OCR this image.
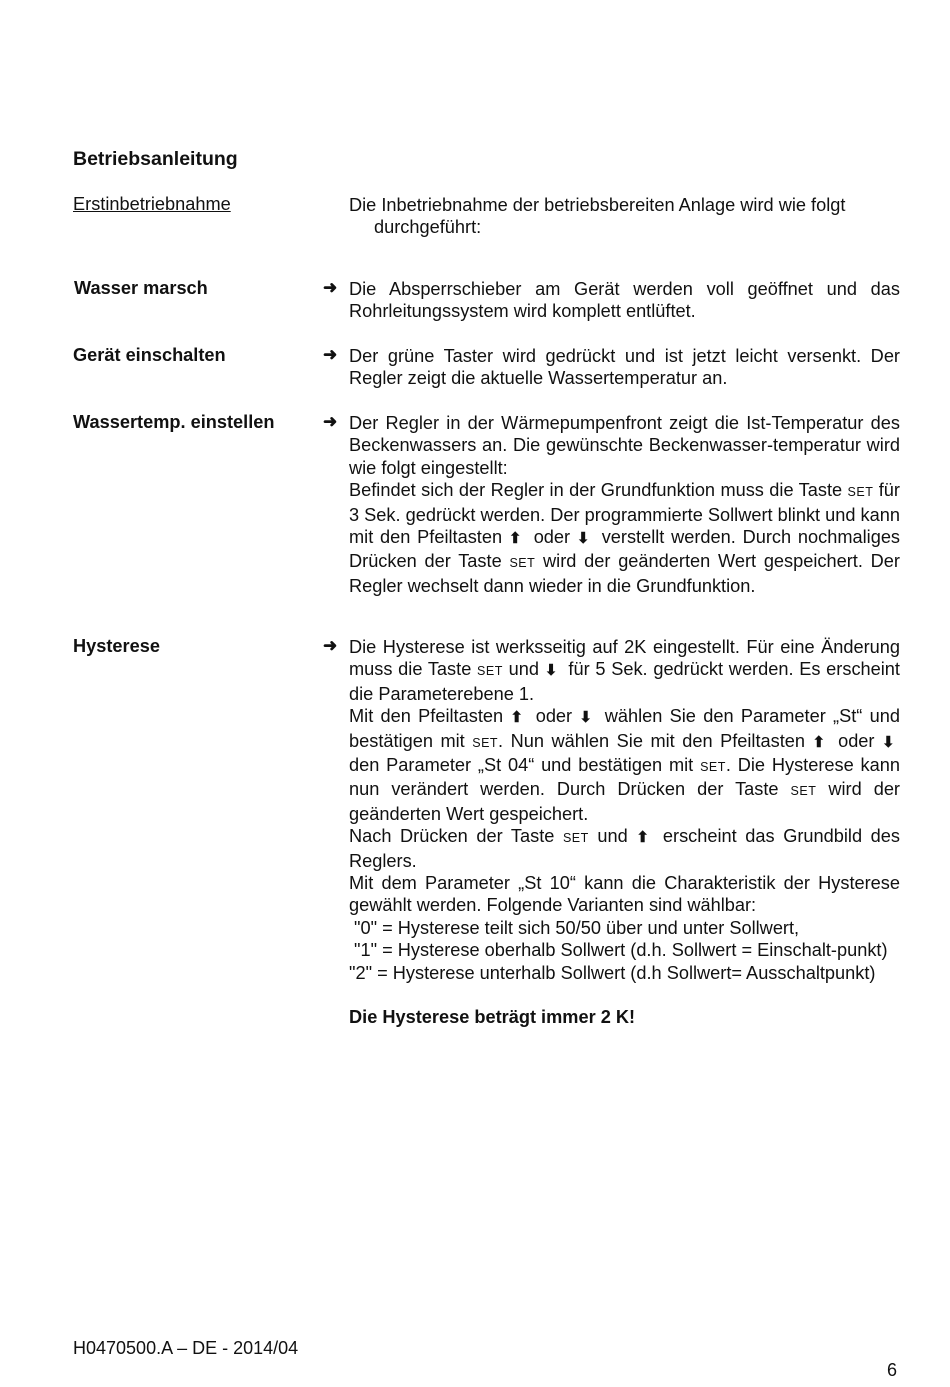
Betriebsanleitung
Erstinbetriebnahme	Die Inbetriebnahme der betriebsbereiten Anlage wird wie folgt
durchgeführt:
Wasser marsch	➜ Die Absperrschieber am Gerät werden voll geöffnet und das Rohrleitungssystem wird komplett entlüftet.
Gerät einschalten	➜ Der grüne Taster wird gedrückt und ist jetzt leicht versenkt. Der Regler zeigt die aktuelle Wassertemperatur an.
Wassertemp. einstellen	➜ Der Regler in der Wärmepumpenfront zeigt die Ist-Temperatur des Beckenwassers an. Die gewünschte Beckenwasser-temperatur wird wie folgt eingestellt:
Befindet sich der Regler in der Grundfunktion muss die Taste SET für 3 Sek. gedrückt werden. Der programmierte Sollwert blinkt und kann mit den Pfeiltasten ⬆ oder ⬇ verstellt werden. Durch nochmaliges Drücken der Taste SET wird der geänderten Wert gespeichert. Der Regler wechselt dann wieder in die Grundfunktion.
Hysterese	➜ Die Hysterese ist werksseitig auf 2K eingestellt. Für eine Änderung muss die Taste SET und ⬇ für 5 Sek. gedrückt werden. Es erscheint die Parameterebene 1.
Mit den Pfeiltasten ⬆ oder ⬇ wählen Sie den Parameter „St“ und bestätigen mit SET. Nun wählen Sie mit den Pfeiltasten ⬆ oder ⬇ den Parameter „St 04“ und bestätigen mit SET. Die Hysterese kann nun verändert werden. Durch Drücken der Taste SET wird der geänderten Wert gespeichert.
Nach Drücken der Taste SET und ⬆ erscheint das Grundbild des Reglers.
Mit dem Parameter „St 10“ kann die Charakteristik der Hysterese gewählt werden. Folgende Varianten sind wählbar:
"0" = Hysterese teilt sich 50/50 über und unter Sollwert,
"1" = Hysterese oberhalb Sollwert (d.h. Sollwert = Einschalt-punkt)
"2" = Hysterese unterhalb Sollwert (d.h Sollwert= Ausschaltpunkt)
Die Hysterese beträgt immer 2 K!
H0470500.A – DE - 2014/04
6
